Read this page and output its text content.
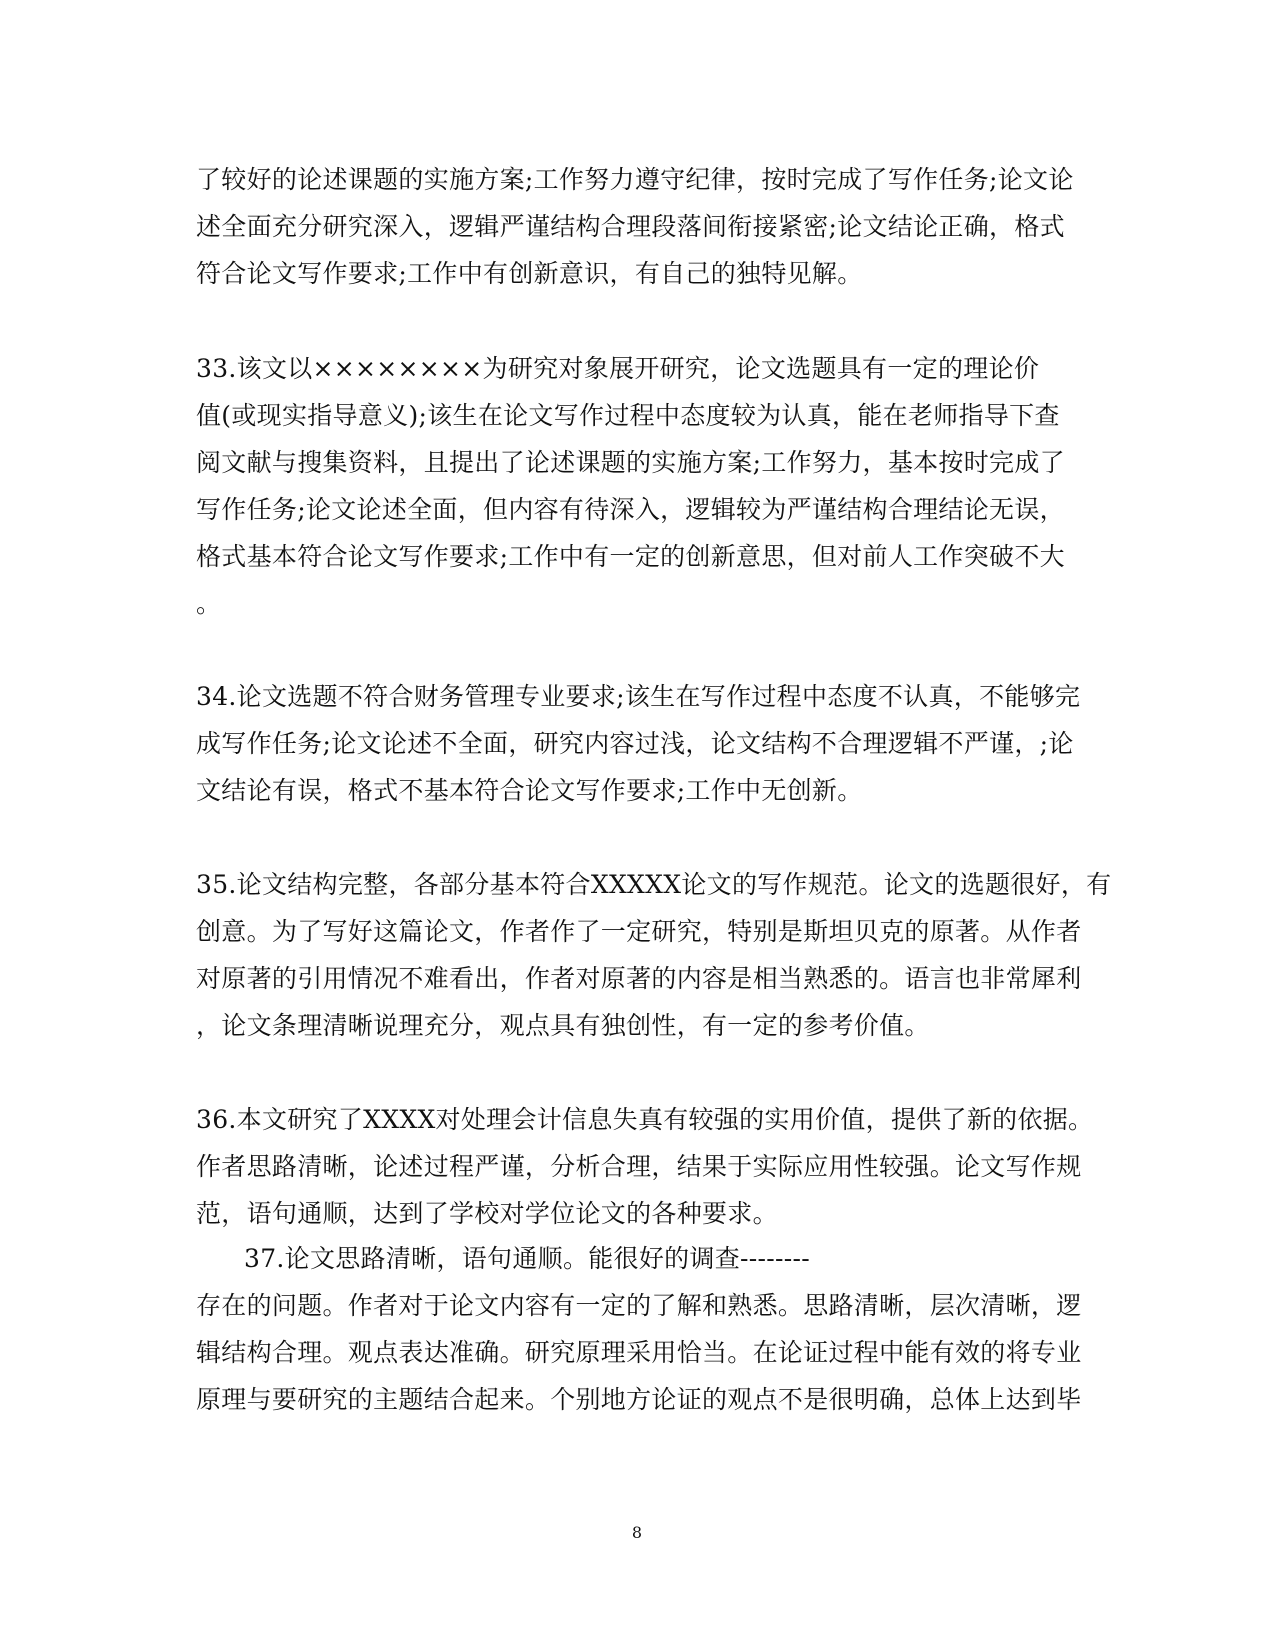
了较好的论述课题的实施方案;工作努力遵守纪律，按时完成了写作任务;论文论
述全面充分研究深入，逻辑严谨结构合理段落间衔接紧密;论文结论正确，格式
符合论文写作要求;工作中有创新意识，有自己的独特见解。
33.该文以××××××××为研究对象展开研究，论文选题具有一定的理论价
值(或现实指导意义);该生在论文写作过程中态度较为认真，能在老师指导下查
阅文献与搜集资料，且提出了论述课题的实施方案;工作努力，基本按时完成了
写作任务;论文论述全面，但内容有待深入，逻辑较为严谨结构合理结论无误，
格式基本符合论文写作要求;工作中有一定的创新意思，但对前人工作突破不大
。
34.论文选题不符合财务管理专业要求;该生在写作过程中态度不认真，不能够完
成写作任务;论文论述不全面，研究内容过浅，论文结构不合理逻辑不严谨，;论
文结论有误，格式不基本符合论文写作要求;工作中无创新。
35.论文结构完整，各部分基本符合XXXXX论文的写作规范。论文的选题很好，有
创意。为了写好这篇论文，作者作了一定研究，特别是斯坦贝克的原著。从作者
对原著的引用情况不难看出，作者对原著的内容是相当熟悉的。语言也非常犀利
，论文条理清晰说理充分，观点具有独创性，有一定的参考价值。
36.本文研究了XXXX对处理会计信息失真有较强的实用价值，提供了新的依据。
作者思路清晰，论述过程严谨，分析合理，结果于实际应用性较强。论文写作规
范，语句通顺，达到了学校对学位论文的各种要求。
37.论文思路清晰，语句通顺。能很好的调查--------
存在的问题。作者对于论文内容有一定的了解和熟悉。思路清晰，层次清晰，逻
辑结构合理。观点表达准确。研究原理采用恰当。在论证过程中能有效的将专业
原理与要研究的主题结合起来。个别地方论证的观点不是很明确，总体上达到毕
8
